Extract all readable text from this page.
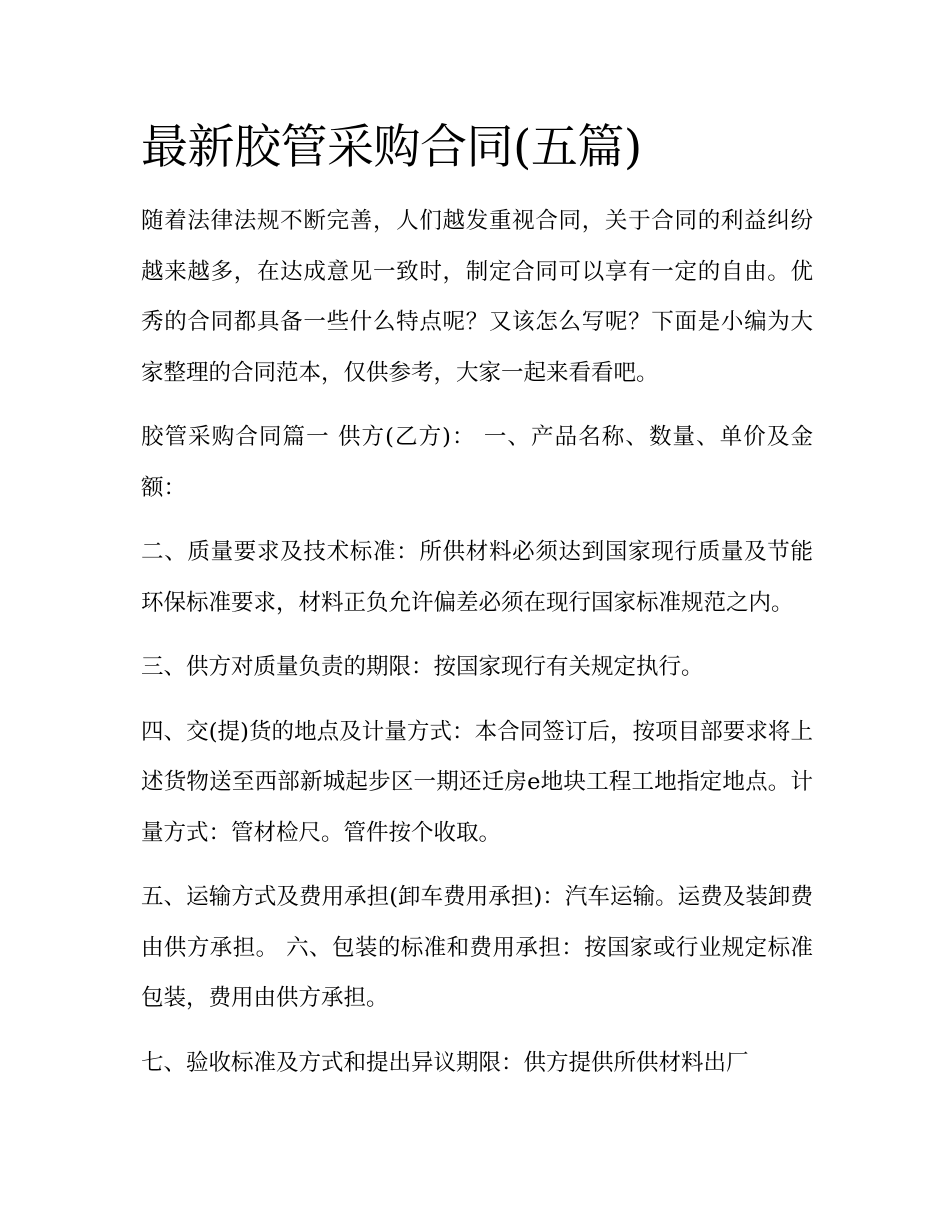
最新胶管采购合同(五篇)

随着法律法规不断完善，人们越发重视合同，关于合同的利益纠纷越来越多，在达成意见一致时，制定合同可以享有一定的自由。优秀的合同都具备一些什么特点呢？又该怎么写呢？下面是小编为大家整理的合同范本，仅供参考，大家一起来看看吧。

胶管采购合同篇一 供方(乙方)： 一、产品名称、数量、单价及金额：

二、质量要求及技术标准：所供材料必须达到国家现行质量及节能环保标准要求，材料正负允许偏差必须在现行国家标准规范之内。

三、供方对质量负责的期限：按国家现行有关规定执行。

四、交(提)货的地点及计量方式：本合同签订后，按项目部要求将上述货物送至西部新城起步区一期还迁房e地块工程工地指定地点。计量方式：管材检尺。管件按个收取。

五、运输方式及费用承担(卸车费用承担)：汽车运输。运费及装卸费由供方承担。 六、包装的标准和费用承担：按国家或行业规定标准包装，费用由供方承担。

七、验收标准及方式和提出异议期限：供方提供所供材料出厂
